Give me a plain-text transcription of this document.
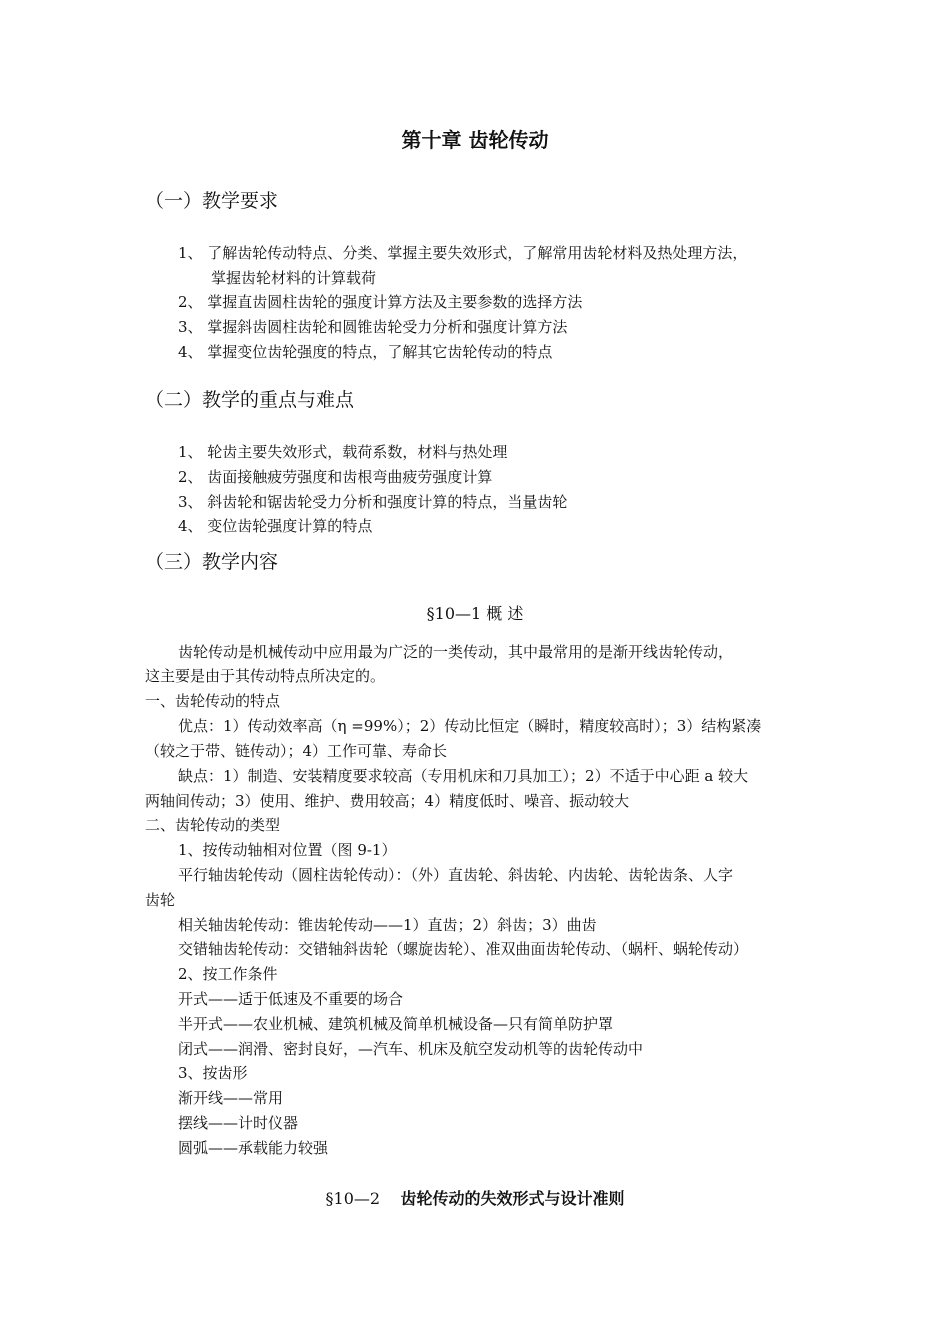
第十章 齿轮传动
（一）教学要求
1、 了解齿轮传动特点、分类、掌握主要失效形式，了解常用齿轮材料及热处理方法，
掌握齿轮材料的计算载荷
2、 掌握直齿圆柱齿轮的强度计算方法及主要参数的选择方法
3、 掌握斜齿圆柱齿轮和圆锥齿轮受力分析和强度计算方法
4、 掌握变位齿轮强度的特点，了解其它齿轮传动的特点
（二）教学的重点与难点
1、 轮齿主要失效形式，载荷系数，材料与热处理
2、 齿面接触疲劳强度和齿根弯曲疲劳强度计算
3、 斜齿轮和锯齿轮受力分析和强度计算的特点，当量齿轮
4、 变位齿轮强度计算的特点
（三）教学内容
§10—1 概 述
齿轮传动是机械传动中应用最为广泛的一类传动，其中最常用的是渐开线齿轮传动，
这主要是由于其传动特点所决定的。
一、齿轮传动的特点
优点：1）传动效率高（η =99%）；2）传动比恒定（瞬时，精度较高时）；3）结构紧凑
（较之于带、链传动）；4）工作可靠、寿命长
缺点：1）制造、安装精度要求较高（专用机床和刀具加工）；2）不适于中心距 a 较大
两轴间传动；3）使用、维护、费用较高；4）精度低时、噪音、振动较大
二、齿轮传动的类型
1、按传动轴相对位置（图 9-1）
平行轴齿轮传动（圆柱齿轮传动）：（外）直齿轮、斜齿轮、内齿轮、齿轮齿条、人字
齿轮
相关轴齿轮传动：锥齿轮传动——1）直齿；2）斜齿；3）曲齿
交错轴齿轮传动：交错轴斜齿轮（螺旋齿轮）、准双曲面齿轮传动、（蜗杆、蜗轮传动）
2、按工作条件
开式——适于低速及不重要的场合
半开式——农业机械、建筑机械及简单机械设备—只有简单防护罩
闭式——润滑、密封良好，—汽车、机床及航空发动机等的齿轮传动中
3、按齿形
渐开线——常用
摆线——计时仪器
圆弧——承载能力较强
§10—2 齿轮传动的失效形式与设计准则
